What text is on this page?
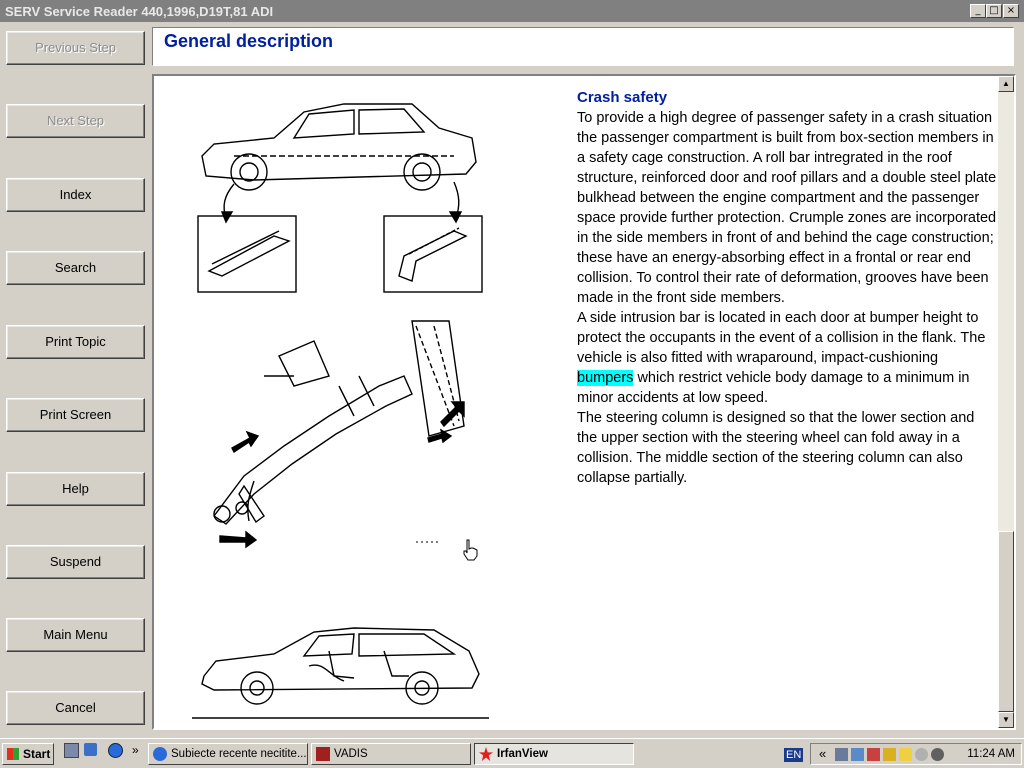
SERV Service Reader 440,1996,D19T,81 ADI	_ □ ×
Previous Step
Next Step
Index
Search
Print Topic
Print Screen
Help
Suspend
Main Menu
Cancel
General description
Crash safety

To provide a high degree of passenger safety in a crash situation the passenger compartment is built from box-section members in a safety cage construction. A roll bar intregrated in the roof structure, reinforced door and roof pillars and a double steel plate bulkhead between the engine compartment and the passenger space provide further protection. Crumple zones are incorporated in the side members in front of and behind the cage construction; these have an energy-absorbing effect in a frontal or rear end collision. To control their rate of deformation, grooves have been made in the front side members.

A side intrusion bar is located in each door at bumper height to protect the occupants in the event of a collision in the flank. The vehicle is also fitted with wraparound, impact-cushioning bumpers which restrict vehicle body damage to a minimum in minor accidents at low speed.

The steering column is designed so that the lower section and the upper section with the steering wheel can fold away in a collision. The middle section of the steering column can also collapse partially.

▲
▼
Start	»	Subiecte recente necitite...	VADIS	IrfanView	EN «	11:24 AM
